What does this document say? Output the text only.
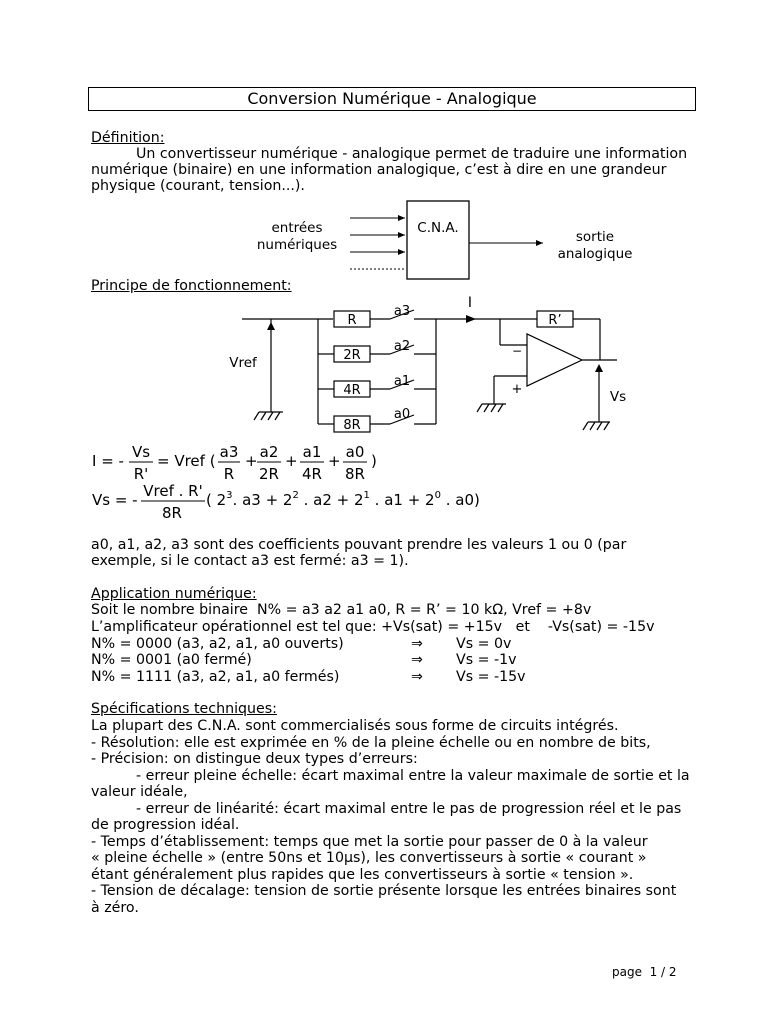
Conversion Numérique - Analogique
Définition:
Un convertisseur numérique - analogique permet de traduire une information
numérique (binaire) en une information analogique, c’est à dire en une grandeur
physique (courant, tension...).
C.N.A.
entrées
numériques	sortie
analogique
Principe de fonctionnement:
R
2R
4R
8R
a3
a2
a1
a0
I
R’
Vref
Vs
−
+
I = - Vs
R'
= Vref ( a3
R
+ a2
2R
+ a1
4R
+ a0
8R
)
Vs = - Vref . R'
8R
( $2^3$. $a3 + 2^2$ . $a2 + 2^1$ . $a1 + 2^0$ . a0)
a0, a1, a2, a3 sont des coefficients pouvant prendre les valeurs 1 ou 0 (par
exemple, si le contact a3 est fermé: a3 = 1).
Application numérique:
Soit le nombre binaire  N% = a3 a2 a1 a0, R = R’ = 10 kΩ, Vref = +8v
L’amplificateur opérationnel est tel que: +Vs(sat) = +15v   et    -Vs(sat) = -15v
N% = 0000 (a3, a2, a1, a0 ouverts)	⇒ Vs = 0v
N% = 0001 (a0 fermé)	⇒ Vs = -1v
N% = 1111 (a3, a2, a1, a0 fermés)	⇒ Vs = -15v
Spécifications techniques:
La plupart des C.N.A. sont commercialisés sous forme de circuits intégrés.
- Résolution: elle est exprimée en % de la pleine échelle ou en nombre de bits,
- Précision: on distingue deux types d’erreurs:
- erreur pleine échelle: écart maximal entre la valeur maximale de sortie et la
valeur idéale,
- erreur de linéarité: écart maximal entre le pas de progression réel et le pas
de progression idéal.
- Temps d’établissement: temps que met la sortie pour passer de 0 à la valeur
« pleine échelle » (entre 50ns et 10µs), les convertisseurs à sortie « courant »
étant généralement plus rapides que les convertisseurs à sortie « tension ».
- Tension de décalage: tension de sortie présente lorsque les entrées binaires sont
à zéro.
page  1 / 2
